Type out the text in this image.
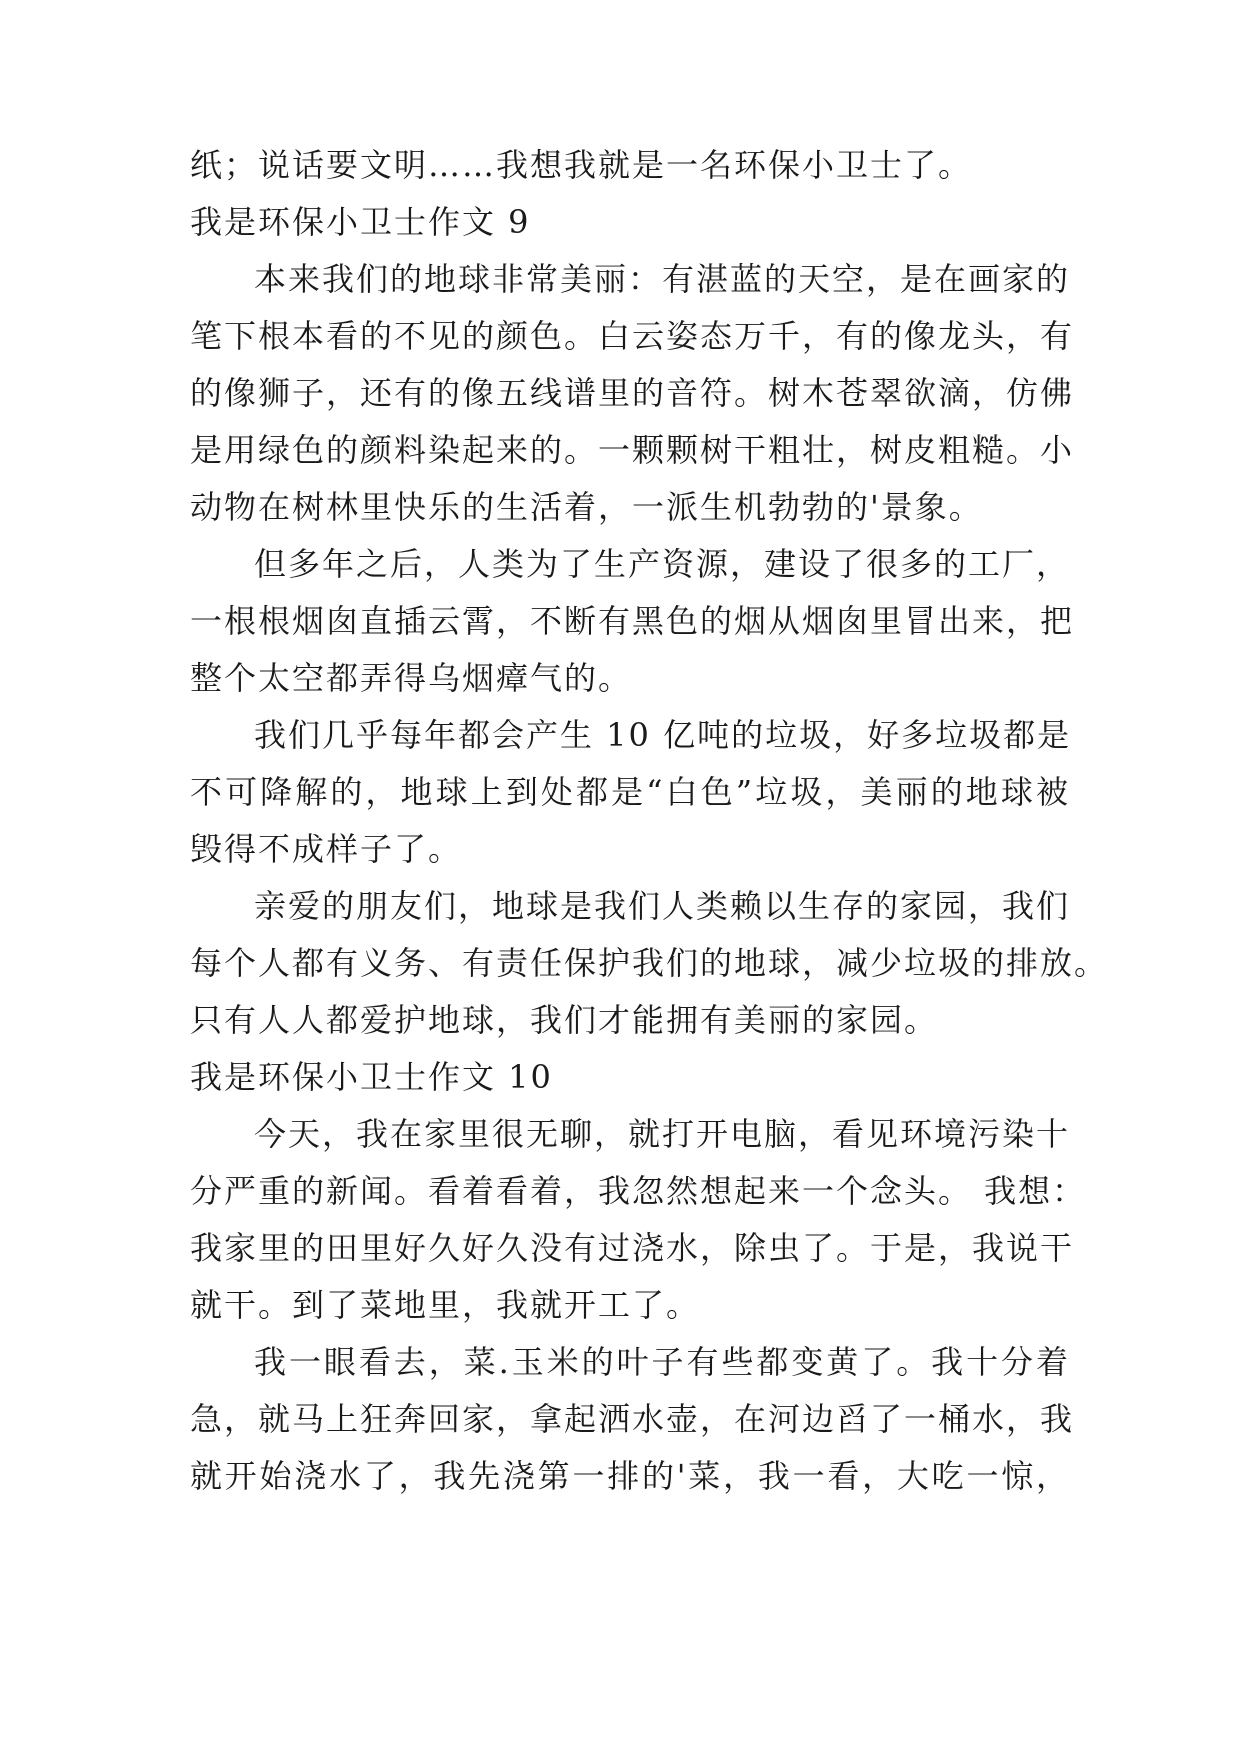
纸；说话要文明……我想我就是一名环保小卫士了。
我是环保小卫士作文 9
本来我们的地球非常美丽：有湛蓝的天空，是在画家的
笔下根本看的不见的颜色。白云姿态万千，有的像龙头，有
的像狮子，还有的像五线谱里的音符。树木苍翠欲滴，仿佛
是用绿色的颜料染起来的。一颗颗树干粗壮，树皮粗糙。小
动物在树林里快乐的生活着，一派生机勃勃的'景象。
但多年之后，人类为了生产资源，建设了很多的工厂，
一根根烟囱直插云霄，不断有黑色的烟从烟囱里冒出来，把
整个太空都弄得乌烟瘴气的。
我们几乎每年都会产生 10 亿吨的垃圾，好多垃圾都是
不可降解的，地球上到处都是“白色”垃圾，美丽的地球被
毁得不成样子了。
亲爱的朋友们，地球是我们人类赖以生存的家园，我们
每个人都有义务、有责任保护我们的地球，减少垃圾的排放。
只有人人都爱护地球，我们才能拥有美丽的家园。
我是环保小卫士作文 10
今天，我在家里很无聊，就打开电脑，看见环境污染十
分严重的新闻。看着看着，我忽然想起来一个念头。 我想：
我家里的田里好久好久没有过浇水，除虫了。于是，我说干
就干。到了菜地里，我就开工了。
我一眼看去，菜.玉米的叶子有些都变黄了。我十分着
急，就马上狂奔回家，拿起洒水壶，在河边舀了一桶水，我
就开始浇水了，我先浇第一排的'菜，我一看，大吃一惊，
